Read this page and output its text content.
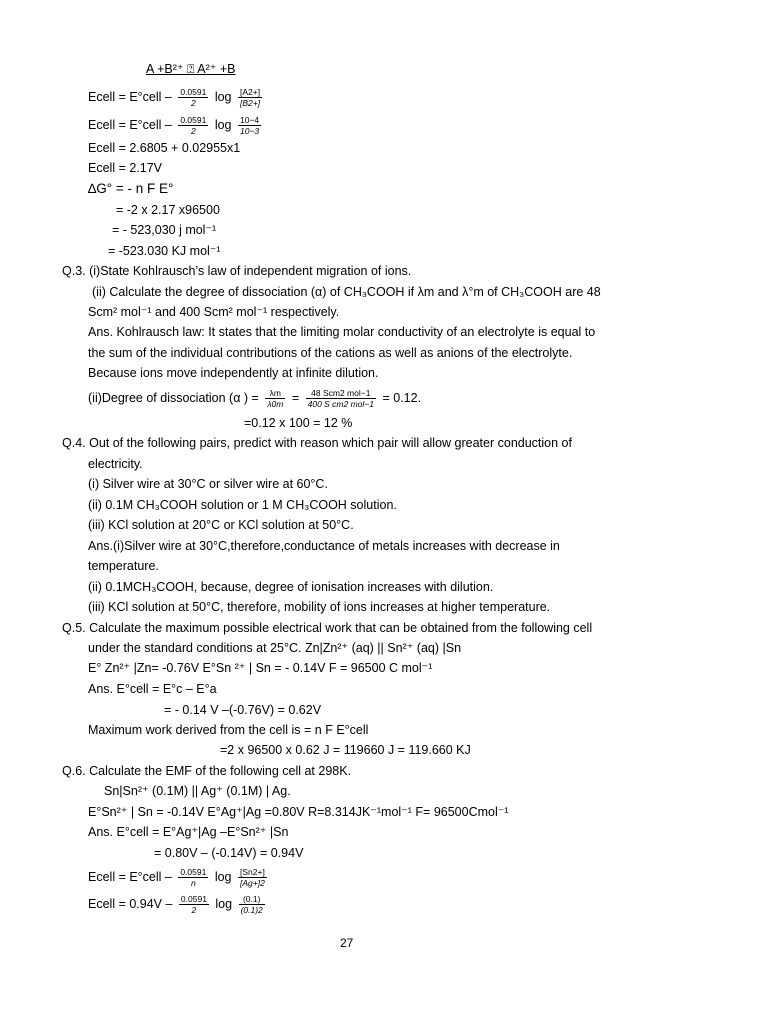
A +B²⁺ ⍰ A²⁺ +B
Ecell = E°cell – $\frac{0.0591}{2}$ $\log \frac{[A2+]}{[B2+]}$
Ecell = E°cell – $\frac{0.0591}{2}$ $\log \frac{10-4}{10-3}$
Ecell = 2.6805 + 0.02955x1
Ecell = 2.17V
∆G° = - n F E°
= -2 x 2.17 x96500
= - 523,030 j mol⁻¹
= -523.030 KJ mol⁻¹
Q.3. (i)State Kohlrausch’s law of independent migration of ions.
(ii) Calculate the degree of dissociation (α) of CH₃COOH if λm and λ°m of CH₃COOH are 48
Scm² mol⁻¹ and 400 Scm² mol⁻¹ respectively.
Ans. Kohlrausch law: It states that the limiting molar conductivity of an electrolyte is equal to
the sum of the individual contributions of the cations as well as anions of the electrolyte.
Because ions move independently at infinite dilution.
(ii)Degree of dissociation (α ) = $\frac{\lambda m}{\lambda 0m} = \frac{\text{48 Scm2 mol−1}}{\text{400 S cm2 mol−1}} = 0.12$.
=0.12 x 100 = 12 %
Q.4. Out of the following pairs, predict with reason which pair will allow greater conduction of
electricity.
(i) Silver wire at 30°C or silver wire at 60°C.
(ii) 0.1M CH₃COOH solution or 1 M CH₃COOH solution.
(iii) KCl solution at 20°C or KCl solution at 50°C.
Ans.(i)Silver wire at 30°C,therefore,conductance of metals increases with decrease in
temperature.
(ii) 0.1MCH₃COOH, because, degree of ionisation increases with dilution.
(iii) KCl solution at 50°C, therefore, mobility of ions increases at higher temperature.
Q.5. Calculate the maximum possible electrical work that can be obtained from the following cell
under the standard conditions at 25°C. Zn|Zn²⁺ (aq) || Sn²⁺ (aq) |Sn
E° Zn²⁺ |Zn= -0.76V E°Sn ²⁺ | Sn = - 0.14V F = 96500 C mol⁻¹
Ans. E°cell = E°c – E°a
= - 0.14 V –(-0.76V) = 0.62V
Maximum work derived from the cell is = n F E°cell
=2 x 96500 x 0.62 J = 119660 J = 119.660 KJ
Q.6. Calculate the EMF of the following cell at 298K.
Sn|Sn²⁺ (0.1M) || Ag⁺ (0.1M) | Ag.
E°Sn²⁺ | Sn = -0.14V E°Ag⁺|Ag =0.80V R=8.314JK⁻¹mol⁻¹ F= 96500Cmol⁻¹
Ans. E°cell = E°Ag⁺|Ag –E°Sn²⁺ |Sn
= 0.80V – (-0.14V) = 0.94V
Ecell = E°cell – $\frac{0.0591}{n}$ $\log \frac{[Sn2+]}{[Ag+]2}$
Ecell = $0.94V - \frac{0.0591}{2}$ $\log \frac{(0.1)}{(0.1)2}$
27
